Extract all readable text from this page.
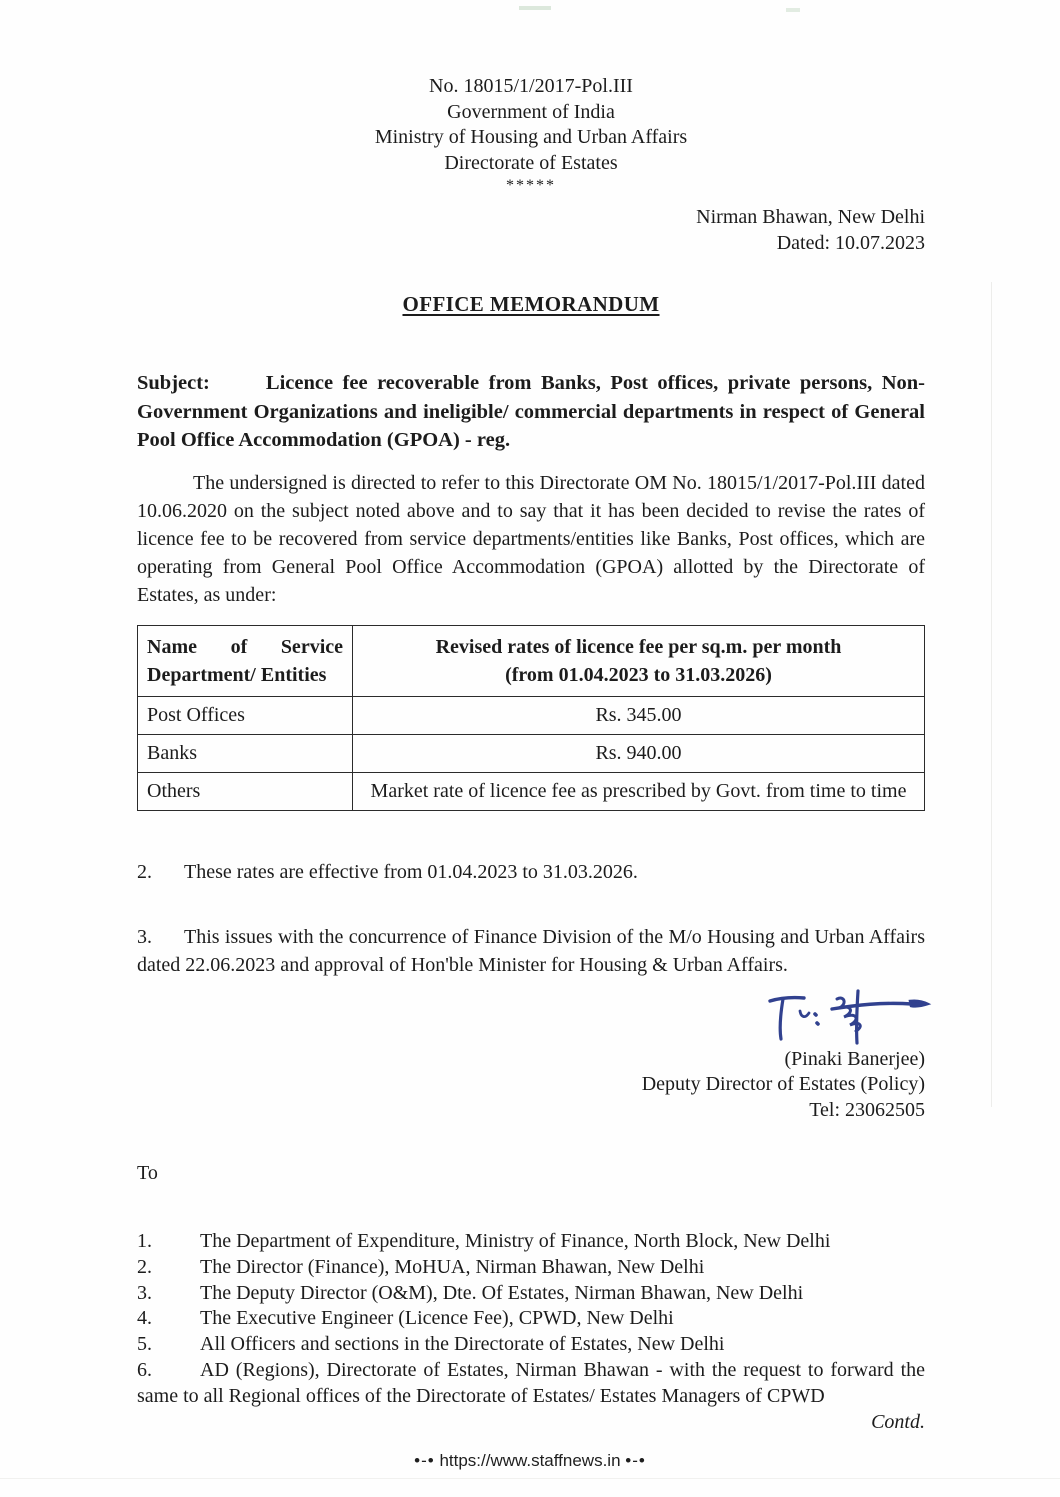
No. 18015/1/2017-Pol.III
Government of India
Ministry of Housing and Urban Affairs
Directorate of Estates
*****
Nirman Bhawan, New Delhi
Dated: 10.07.2023
OFFICE MEMORANDUM

Subject:	Licence fee recoverable from Banks, Post offices, private persons, Non-Government Organizations and ineligible/ commercial departments in respect of General Pool Office Accommodation (GPOA) - reg.

The undersigned is directed to refer to this Directorate OM No. 18015/1/2017-Pol.III dated 10.06.2020 on the subject noted above and to say that it has been decided to revise the rates of licence fee to be recovered from service departments/entities like Banks, Post offices, which are operating from General Pool Office Accommodation (GPOA) allotted by the Directorate of Estates, as under:

Name of Service Department/ Entities	Revised rates of licence fee per sq.m. per month
(from 01.04.2023 to 31.03.2026)

Post Offices	Rs. 345.00
Banks	Rs. 940.00
Others	Market rate of licence fee as prescribed by Govt. from time to time

2. These rates are effective from 01.04.2023 to 31.03.2026.

3. This issues with the concurrence of Finance Division of the M/o Housing and Urban Affairs dated 22.06.2023 and approval of Hon'ble Minister for Housing & Urban Affairs.

(Pinaki Banerjee)
Deputy Director of Estates (Policy)
Tel: 23062505
To

1. The Department of Expenditure, Ministry of Finance, North Block, New Delhi

2. The Director (Finance), MoHUA, Nirman Bhawan, New Delhi

3. The Deputy Director (O&M), Dte. Of Estates, Nirman Bhawan, New Delhi

4. The Executive Engineer (Licence Fee), CPWD, New Delhi

5. All Officers and sections in the Directorate of Estates, New Delhi

6. AD (Regions), Directorate of Estates, Nirman Bhawan - with the request to forward the same to all Regional offices of the Directorate of Estates/ Estates Managers of CPWD

Contd.
•-• https://www.staffnews.in •-•
